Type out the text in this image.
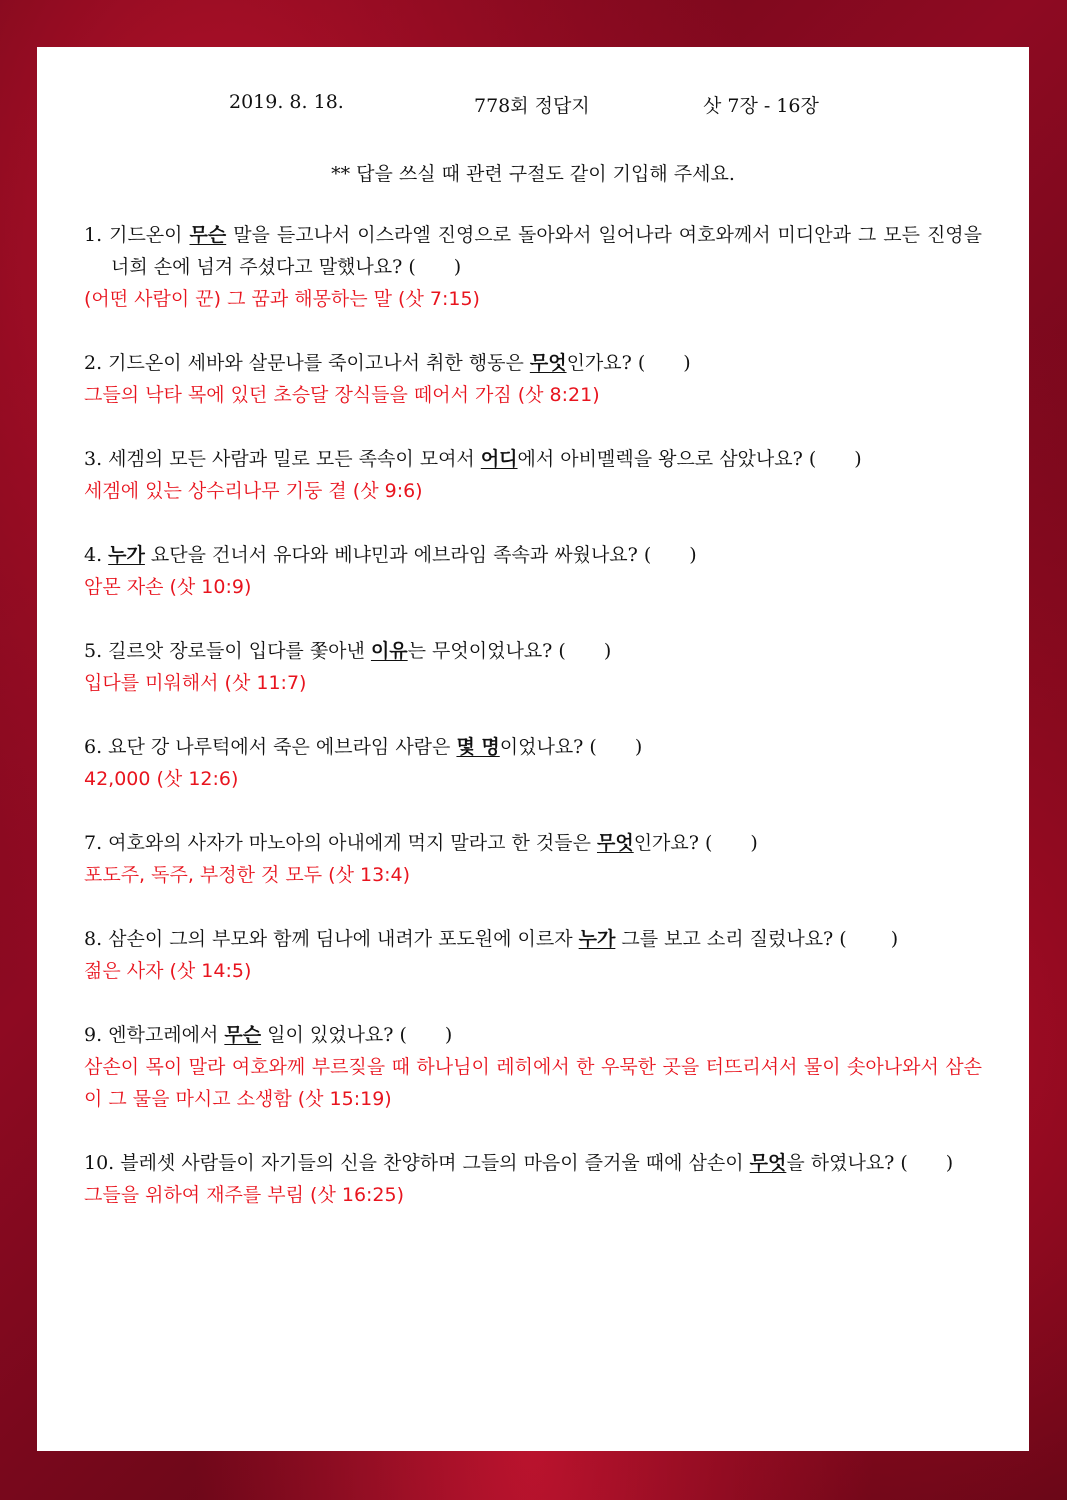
2019. 8. 18.	778회 정답지	삿 7장 - 16장
** 답을 쓰실 때 관련 구절도 같이 기입해 주세요.
1. 기드온이 무슨 말을 듣고나서 이스라엘 진영으로 돌아와서 일어나라 여호와께서 미디안과 그 모든 진영을 너희 손에 넘겨 주셨다고 말했나요? (　　)
(어떤 사람이 꾼) 그 꿈과 해몽하는 말 (삿 7:15)
2. 기드온이 세바와 살문나를 죽이고나서 취한 행동은 무엇인가요? (　　)
그들의 낙타 목에 있던 초승달 장식들을 떼어서 가짐 (삿 8:21)
3. 세겜의 모든 사람과 밀로 모든 족속이 모여서 어디에서 아비멜렉을 왕으로 삼았나요? (　　)
세겜에 있는 상수리나무 기둥 곁 (삿 9:6)
4. 누가 요단을 건너서 유다와 베냐민과 에브라임 족속과 싸웠나요? (　　)
암몬 자손 (삿 10:9)
5. 길르앗 장로들이 입다를 쫓아낸 이유는 무엇이었나요? (　　)
입다를 미워해서 (삿 11:7)
6. 요단 강 나루턱에서 죽은 에브라임 사람은 몇 명이었나요? (　　)
42,000 (삿 12:6)
7. 여호와의 사자가 마노아의 아내에게 먹지 말라고 한 것들은 무엇인가요? (　　)
포도주, 독주, 부정한 것 모두 (삿 13:4)
8. 삼손이 그의 부모와 함께 딤나에 내려가 포도원에 이르자 누가 그를 보고 소리 질렀나요? ( 　　)
젊은 사자 (삿 14:5)
9. 엔학고레에서 무슨 일이 있었나요? (　　)
삼손이 목이 말라 여호와께 부르짖을 때 하나님이 레히에서 한 우묵한 곳을 터뜨리셔서 물이 솟아나와서 삼손이 그 물을 마시고 소생함 (삿 15:19)
10. 블레셋 사람들이 자기들의 신을 찬양하며 그들의 마음이 즐거울 때에 삼손이 무엇을 하였나요? (　　)
그들을 위하여 재주를 부림 (삿 16:25)
